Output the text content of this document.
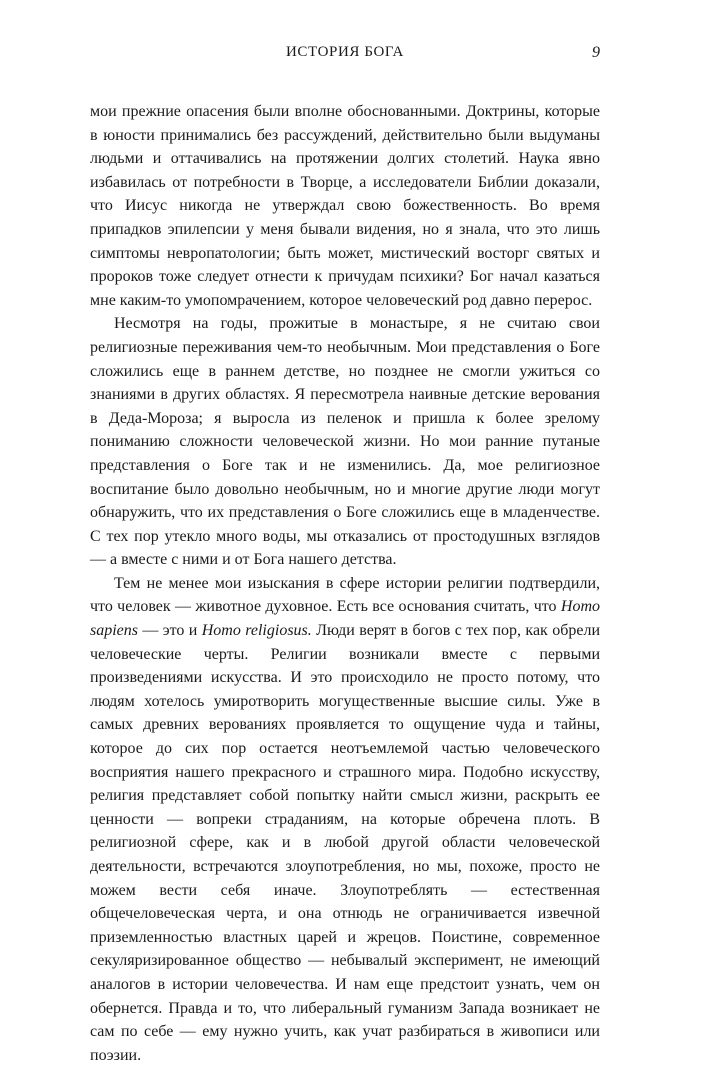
ИСТОРИЯ БОГА	9

мои прежние опасения были вполне обоснованными. Доктрины, которые в юности принимались без рассуждений, действительно были выдуманы людьми и оттачивались на протяжении долгих столетий. Наука явно избавилась от потребности в Творце, а исследователи Библии доказали, что Иисус никогда не утверждал свою божественность. Во время припадков эпилепсии у меня бывали видения, но я знала, что это лишь симптомы невропатологии; быть может, мистический восторг святых и пророков тоже следует отнести к причудам психики? Бог начал казаться мне каким-то умопомрачением, которое человеческий род давно перерос.

Несмотря на годы, прожитые в монастыре, я не считаю свои религиозные переживания чем-то необычным. Мои представления о Боге сложились еще в раннем детстве, но позднее не смогли ужиться со знаниями в других областях. Я пересмотрела наивные детские верования в Деда-Мороза; я выросла из пеленок и пришла к более зрелому пониманию сложности человеческой жизни. Но мои ранние путаные представления о Боге так и не изменились. Да, мое религиозное воспитание было довольно необычным, но и многие другие люди могут обнаружить, что их представления о Боге сложились еще в младенчестве. С тех пор утекло много воды, мы отказались от простодушных взглядов — а вместе с ними и от Бога нашего детства.

Тем не менее мои изыскания в сфере истории религии подтвердили, что человек — животное духовное. Есть все основания считать, что Homo sapiens — это и Homo religiosus. Люди верят в богов с тех пор, как обрели человеческие черты. Религии возникали вместе с первыми произведениями искусства. И это происходило не просто потому, что людям хотелось умиротворить могущественные высшие силы. Уже в самых древних верованиях проявляется то ощущение чуда и тайны, которое до сих пор остается неотъемлемой частью человеческого восприятия нашего прекрасного и страшного мира. Подобно искусству, религия представляет собой попытку найти смысл жизни, раскрыть ее ценности — вопреки страданиям, на которые обречена плоть. В религиозной сфере, как и в любой другой области человеческой деятельности, встречаются злоупотребления, но мы, похоже, просто не можем вести себя иначе. Злоупотреблять — естественная общечеловеческая черта, и она отнюдь не ограничивается извечной приземленностью властных царей и жрецов. Поистине, современное секуляризированное общество — небывалый эксперимент, не имеющий аналогов в истории человечества. И нам еще предстоит узнать, чем он обернется. Правда и то, что либеральный гуманизм Запада возникает не сам по себе — ему нужно учить, как учат разбираться в живописи или поэзии.
